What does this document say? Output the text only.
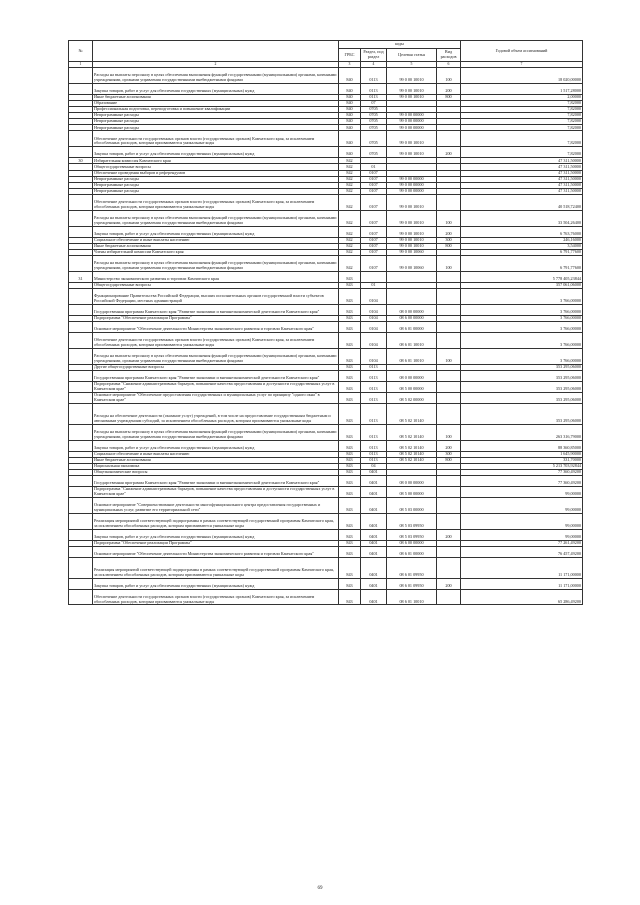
№		коды				Годовой объем ассигнований
		ГРБС	Раздел, под раздел	Целевая статья	Вид расходов	
1	2	3	4	5	6	7
	Расходы на выплаты персоналу в целях обеспечения выполнения функций государственными (муниципальными) органами, казенными учреждениями, органами управления государственными внебюджетными фондами	840	0113	99 0 00 10010	100	18 020,00000
	Закупка товаров, работ и услуг для обеспечения государственных (муниципальных) нужд	840	0113	99 0 00 10010	200	1 517,28000
	Иные бюджетные ассигнования	840	0113	99 0 00 10010	800	2,00000
	Образование	840	07			7,82000
	Профессиональная подготовка, переподготовка и повышение квалификации	840	0705			7,82000
	Непрограммные расходы	840	0705	99 0 00 00000		7,82000
	Непрограммные расходы	840	0705	99 0 00 00000		7,82000
	Непрограммные расходы	840	0705	99 0 00 00000		7,82000
	Обеспечение деятельности государственных органов власти (государственных органов) Камчатского края, за исключением обособленных расходов, которым присваиваются уникальные коды	840	0705	99 0 00 10010		7,82000
	Закупка товаров, работ и услуг для обеспечения государственных (муниципальных) нужд	840	0705	99 0 00 10010	200	7,82000
30	Избирательная комиссия Камчатского края	842				47 311,50000
	Общегосударственные вопросы	842	01			47 311,50000
	Обеспечение проведения выборов и референдумов	842	0107			47 311,50000
	Непрограммные расходы	842	0107	99 0 00 00000		47 311,50000
	Непрограммные расходы	842	0107	99 0 00 00000		47 311,50000
	Непрограммные расходы	842	0107	99 0 00 00000		47 311,50000
	Обеспечение деятельности государственных органов власти (государственных органов) Камчатского края, за исключением обособленных расходов, которым присваиваются уникальные коды	842	0107	99 0 00 10010		40 518,72400
	Расходы на выплаты персоналу в целях обеспечения выполнения функций государственными (муниципальными) органами, казенными учреждениями, органами управления государственными внебюджетными фондами	842	0107	99 0 00 10010	100	33 504,26400
	Закупка товаров, работ и услуг для обеспечения государственных (муниципальных) нужд	842	0107	99 0 00 10010	200	6 763,76000
	Социальное обеспечение и иные выплаты населению	842	0107	99 0 00 10010	300	246,16000
	Иные бюджетные ассигнования	842	0107	99 0 00 10010	800	3,54000
	Члены избирательной комиссии Камчатского края	842	0107	99 0 00 10060		6 791,77600
	Расходы на выплаты персоналу в целях обеспечения выполнения функций государственными (муниципальными) органами, казенными учреждениями, органами управления государственными внебюджетными фондами	842	0107	99 0 00 10060	100	6 791,77600
31	Министерство экономического развития и торговли Камчатского края	843				5 778 405,23844
	Общегосударственные вопросы	843	01			357 061,06000
	Функционирование Правительства Российской Федерации, высших исполнительных органов государственной власти субъектов Российской Федерации, местных администраций	843	0104			3 766,00000
	Государственная программа Камчатского края "Развитие экономики и внешнеэкономической деятельности Камчатского края"	843	0104	08 0 00 00000		3 766,00000
	Подпрограмма "Обеспечение реализации Программы"	843	0104	08 6 00 00000		3 766,00000
	Основное мероприятие "Обеспечение деятельности Министерства экономического развития и торговли Камчатского края"	843	0104	08 6 01 00000		3 766,00000
	Обеспечение деятельности государственных органов власти (государственных органов) Камчатского края, за исключением обособленных расходов, которым присваиваются уникальные коды	843	0104	08 6 01 10010		3 766,00000
	Расходы на выплаты персоналу в целях обеспечения выполнения функций государственными (муниципальными) органами, казенными учреждениями, органами управления государственными внебюджетными фондами	843	0104	08 6 01 10010	100	3 766,00000
	Другие общегосударственные вопросы	843	0113			353 295,06000
	Государственная программа Камчатского края "Развитие экономики и внешнеэкономической деятельности Камчатского края"	843	0113	08 0 00 00000		353 295,06000
	Подпрограмма "Снижение административных барьеров, повышение качества предоставления и доступности государственных услуг в Камчатском крае"	843	0113	08 5 00 00000		353 295,06000
	Основное мероприятие "Обеспечение предоставления государственных и муниципальных услуг по принципу "одного окна" в Камчатском крае"	843	0113	08 5 02 00000		353 295,06000
	Расходы на обеспечение деятельности (оказание услуг) учреждений, в том числе на предоставление государственным бюджетным и автономным учреждениям субсидий, за исключением обособленных расходов, которым присваиваются уникальные коды	843	0113	08 5 02 10140		353 295,06000
	Расходы на выплаты персоналу в целях обеспечения выполнения функций государственными (муниципальными) органами, казенными учреждениями, органами управления государственными внебюджетными фондами	843	0113	08 5 02 10140	100	263 316,79000
	Закупка товаров, работ и услуг для обеспечения государственных (муниципальных) нужд	843	0113	08 5 02 10140	200	88 360,85000
	Социальное обеспечение и иные выплаты населению	843	0113	08 5 02 10140	300	1 645,90000
	Иные бюджетные ассигнования	843	0113	08 5 02 10140	800	331,70000
	Национальная экономика	843	04			5 213 703,92844
	Общеэкономические вопросы	843	0401			77 360,49200
	Государственная программа Камчатского края "Развитие экономики и внешнеэкономической деятельности Камчатского края"	843	0401	08 0 00 00000		77 360,49200
	Подпрограмма "Снижение административных барьеров, повышение качества предоставления и доступности государственных услуг в Камчатском крае"	843	0401	08 5 00 00000		99,00000
	Основное мероприятие "Совершенствование деятельности многофункционального центра предоставления государственных и муниципальных услуг, развитие его территориальной сети"	843	0401	08 5 03 00000		99,00000
	Реализация мероприятий соответствующей подпрограммы в рамках соответствующей государственной программы Камчатского края, за исключением обособленных расходов, которым присваиваются уникальные коды	843	0401	08 5 03 09950		99,00000
	Закупка товаров, работ и услуг для обеспечения государственных (муниципальных) нужд	843	0401	08 5 03 09950	200	99,00000
	Подпрограмма "Обеспечение реализации Программы"	843	0401	08 6 00 00000		77 261,49200
	Основное мероприятие "Обеспечение деятельности Министерства экономического развития и торговли Камчатского края"	843	0401	08 6 01 00000		76 457,49200
	Реализация мероприятий соответствующей подпрограммы в рамках соответствующей государственной программы Камчатского края, за исключением обособленных расходов, которым присваиваются уникальные коды	843	0401	08 6 01 09950		11 171,00000
	Закупка товаров, работ и услуг для обеспечения государственных (муниципальных) нужд	843	0401	08 6 01 09950	200	11 171,00000
	Обеспечение деятельности государственных органов власти (государственных органов) Камчатского края, за исключением обособленных расходов, которым присваиваются уникальные коды	843	0401	08 6 01 10010		65 286,49200
69
